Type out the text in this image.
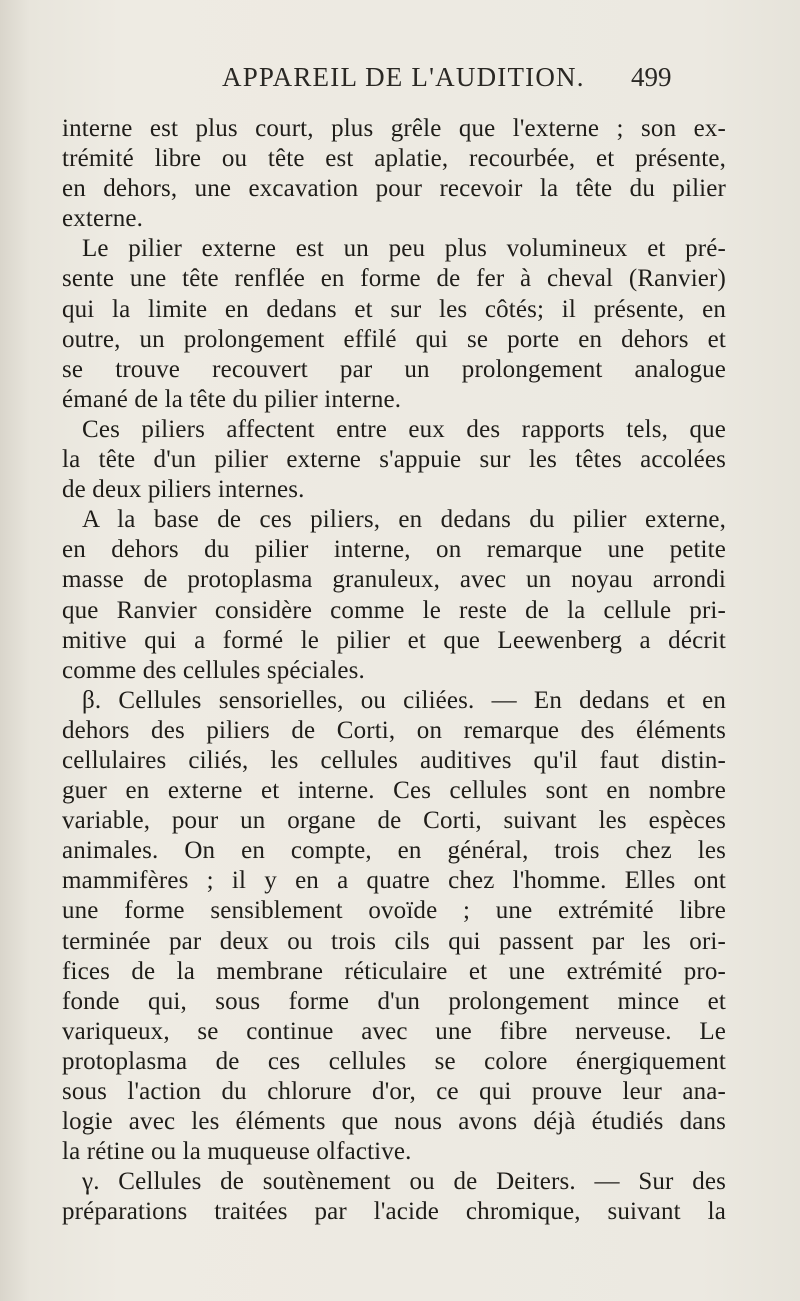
APPAREIL DE L'AUDITION. 499
interne est plus court, plus grêle que l'externe ; son ex-
trémité libre ou tête est aplatie, recourbée, et présente,
en dehors, une excavation pour recevoir la tête du pilier
externe.
Le pilier externe est un peu plus volumineux et pré-
sente une tête renflée en forme de fer à cheval (Ranvier)
qui la limite en dedans et sur les côtés; il présente, en
outre, un prolongement effilé qui se porte en dehors et
se trouve recouvert par un prolongement analogue
émané de la tête du pilier interne.
Ces piliers affectent entre eux des rapports tels, que
la tête d'un pilier externe s'appuie sur les têtes accolées
de deux piliers internes.
A la base de ces piliers, en dedans du pilier externe,
en dehors du pilier interne, on remarque une petite
masse de protoplasma granuleux, avec un noyau arrondi
que Ranvier considère comme le reste de la cellule pri-
mitive qui a formé le pilier et que Leewenberg a décrit
comme des cellules spéciales.
β. Cellules sensorielles, ou ciliées. — En dedans et en
dehors des piliers de Corti, on remarque des éléments
cellulaires ciliés, les cellules auditives qu'il faut distin-
guer en externe et interne. Ces cellules sont en nombre
variable, pour un organe de Corti, suivant les espèces
animales. On en compte, en général, trois chez les
mammifères ; il y en a quatre chez l'homme. Elles ont
une forme sensiblement ovoïde ; une extrémité libre
terminée par deux ou trois cils qui passent par les ori-
fices de la membrane réticulaire et une extrémité pro-
fonde qui, sous forme d'un prolongement mince et
variqueux, se continue avec une fibre nerveuse. Le
protoplasma de ces cellules se colore énergiquement
sous l'action du chlorure d'or, ce qui prouve leur ana-
logie avec les éléments que nous avons déjà étudiés dans
la rétine ou la muqueuse olfactive.
γ. Cellules de soutènement ou de Deiters. — Sur des
préparations traitées par l'acide chromique, suivant la
